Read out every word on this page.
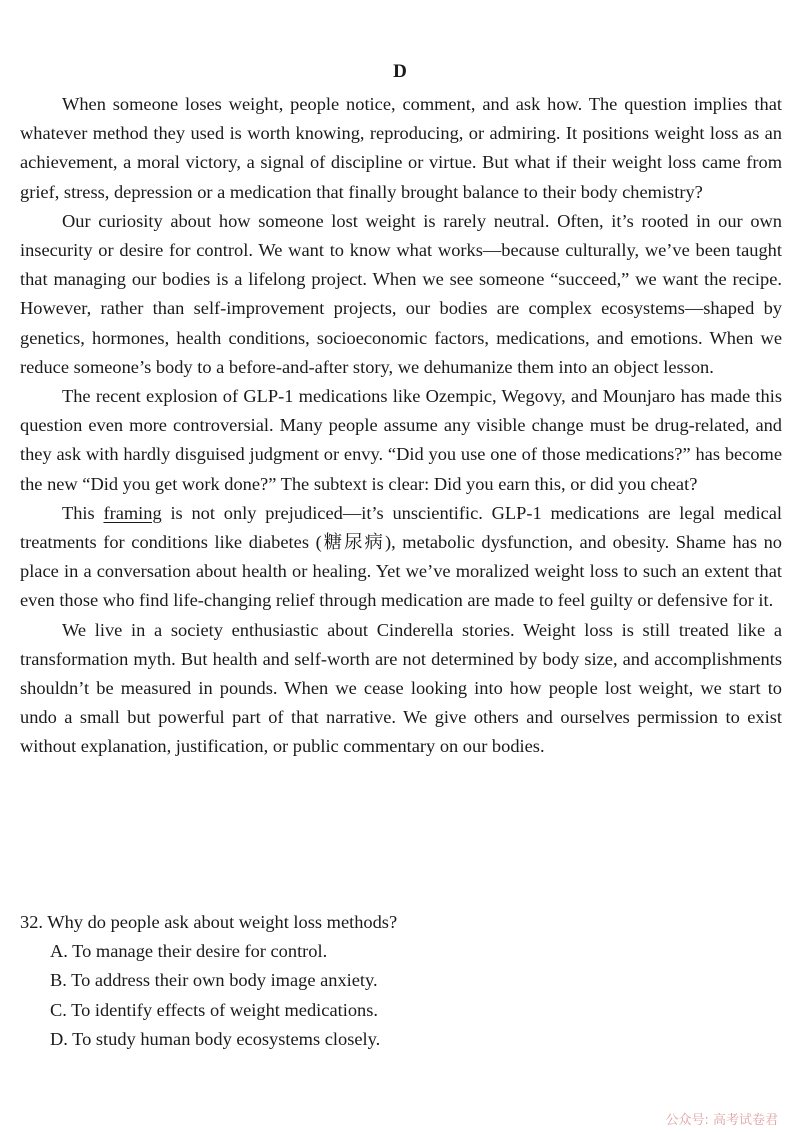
D

When someone loses weight, people notice, comment, and ask how. The question implies that whatever method they used is worth knowing, reproducing, or admiring. It positions weight loss as an achievement, a moral victory, a signal of discipline or virtue. But what if their weight loss came from grief, stress, depression or a medication that finally brought balance to their body chemistry?

Our curiosity about how someone lost weight is rarely neutral. Often, it’s rooted in our own insecurity or desire for control. We want to know what works—because culturally, we’ve been taught that managing our bodies is a lifelong project. When we see someone “succeed,” we want the recipe. However, rather than self-improvement projects, our bodies are complex ecosystems—shaped by genetics, hormones, health conditions, socioeconomic factors, medications, and emotions. When we reduce someone’s body to a before-and-after story, we dehumanize them into an object lesson.

The recent explosion of GLP-1 medications like Ozempic, Wegovy, and Mounjaro has made this question even more controversial. Many people assume any visible change must be drug-related, and they ask with hardly disguised judgment or envy. “Did you use one of those medications?” has become the new “Did you get work done?” The subtext is clear: Did you earn this, or did you cheat?

This framing is not only prejudiced—it’s unscientific. GLP-1 medications are legal medical treatments for conditions like diabetes (糖尿病), metabolic dysfunction, and obesity. Shame has no place in a conversation about health or healing. Yet we’ve moralized weight loss to such an extent that even those who find life-changing relief through medication are made to feel guilty or defensive for it.

We live in a society enthusiastic about Cinderella stories. Weight loss is still treated like a transformation myth. But health and self-worth are not determined by body size, and accomplishments shouldn’t be measured in pounds. When we cease looking into how people lost weight, we start to undo a small but powerful part of that narrative. We give others and ourselves permission to exist without explanation, justification, or public commentary on our bodies.

32. Why do people ask about weight loss methods?

A. To manage their desire for control.

B. To address their own body image anxiety.

C. To identify effects of weight medications.

D. To study human body ecosystems closely.

公众号: 高考试卷君
